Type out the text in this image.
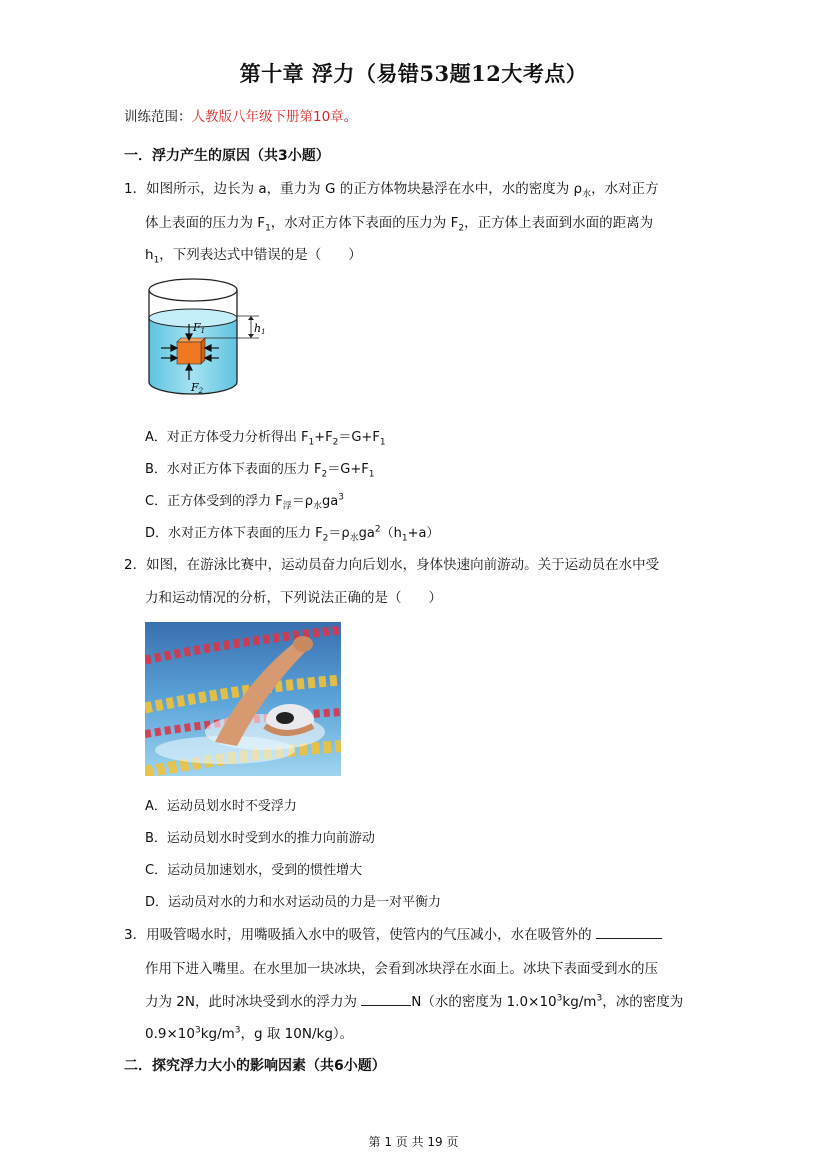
第十章 浮力（易错53题12大考点）
训练范围：人教版八年级下册第10章。
一．浮力产生的原因（共3小题）
1．如图所示，边长为 a，重力为 G 的正方体物块悬浮在水中，水的密度为 $\rho_水$，水对正方
体上表面的压力为 $F_1$，水对正方体下表面的压力为 $F_2$，正方体上表面到水面的距离为
$h_1$，下列表达式中错误的是（　　）
h1
F1
F2
A．对正方体受力分析得出 $F_1+F_2=G+F_1$
B．水对正方体下表面的压力 $F_2=G+F_1$
C．正方体受到的浮力 $F_浮=\rho_水ga^3$
D．水对正方体下表面的压力 $F_2=\rho_水ga^2(h_1+a)$
2．如图，在游泳比赛中，运动员奋力向后划水，身体快速向前游动。关于运动员在水中受
力和运动情况的分析，下列说法正确的是（　　）
A．运动员划水时不受浮力
B．运动员划水时受到水的推力向前游动
C．运动员加速划水，受到的惯性增大
D．运动员对水的力和水对运动员的力是一对平衡力
3．用吸管喝水时，用嘴吸插入水中的吸管，使管内的气压减小，水在吸管外的
作用下进入嘴里。在水里加一块冰块，会看到冰块浮在水面上。冰块下表面受到水的压
力为 2N，此时冰块受到水的浮力为	N（水的密度为 $1.0\times 10^3kg/m^3$，冰的密度为
$0.9\times 10^3kg/m^3$，g 取 10N/kg）。
二．探究浮力大小的影响因素（共6小题）
第 1 页 共 19 页
